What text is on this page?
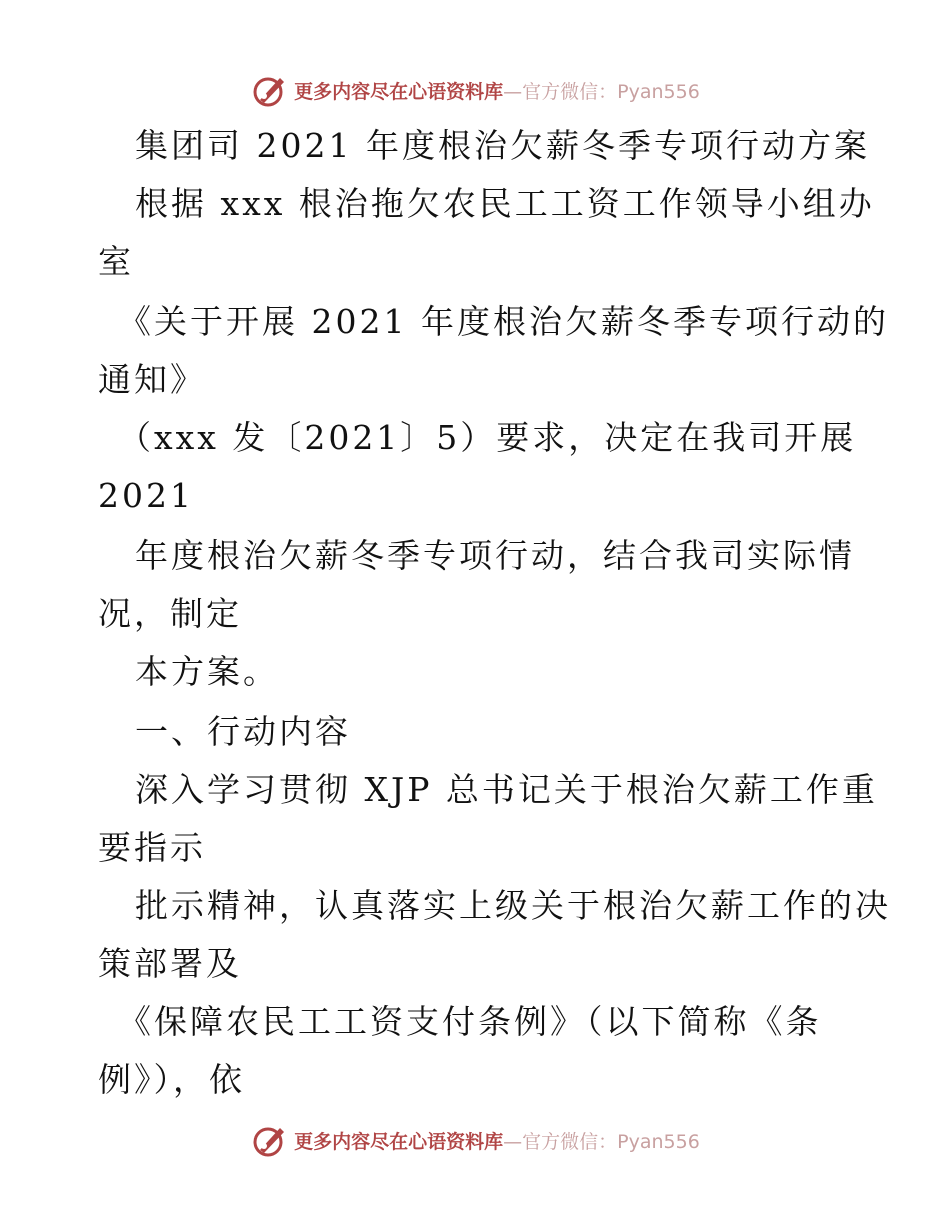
更多内容尽在心语资料库 —官方微信：Pyan556
集团司 2021 年度根治欠薪冬季专项行动方案
根据 xxx 根治拖欠农民工工资工作领导小组办
室
《关于开展 2021 年度根治欠薪冬季专项行动的
通知》
（xxx 发〔2021〕5）要求，决定在我司开展
2021
年度根治欠薪冬季专项行动，结合我司实际情
况，制定
本方案。
一、行动内容
深入学习贯彻 XJP 总书记关于根治欠薪工作重
要指示
批示精神，认真落实上级关于根治欠薪工作的决
策部署及
《保障农民工工资支付条例》（以下简称《条
例》），依
更多内容尽在心语资料库 —官方微信：Pyan556
